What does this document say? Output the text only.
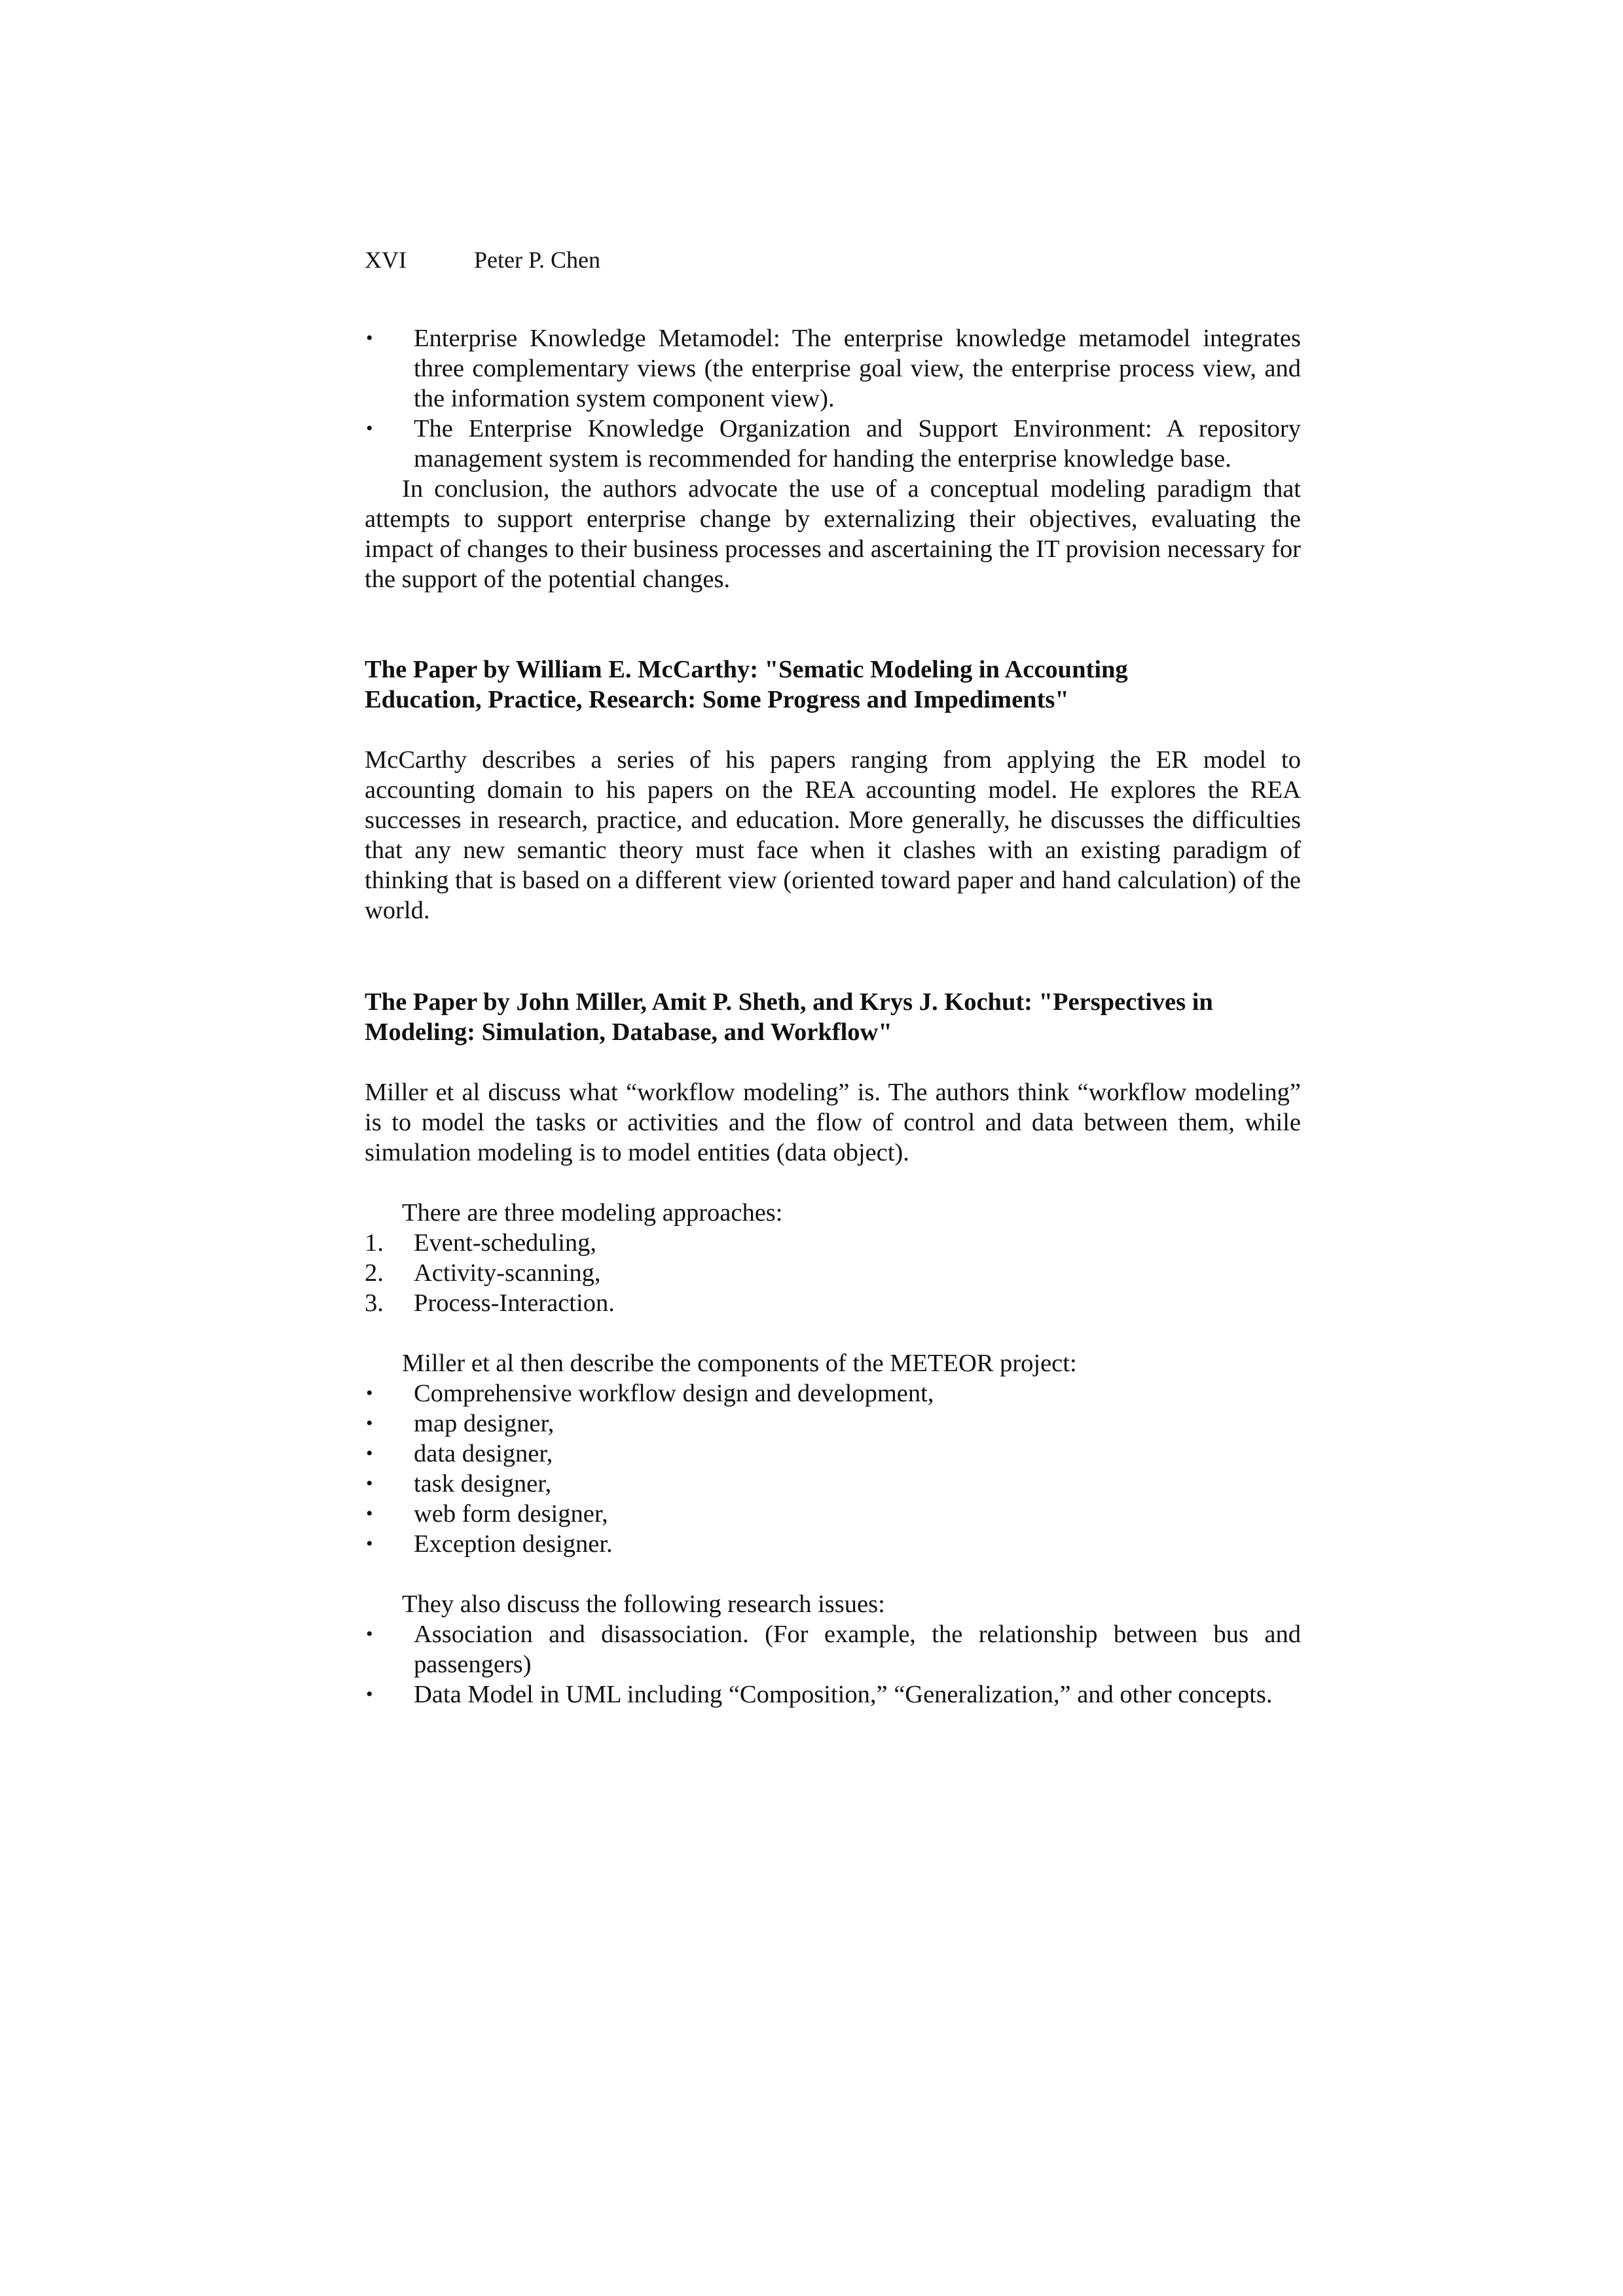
XVI	Peter P. Chen
•	Enterprise Knowledge Metamodel: The enterprise knowledge metamodel integrates three complementary views (the enterprise goal view, the enterprise process view, and the information system component view).
•	The Enterprise Knowledge Organization and Support Environment: A repository management system is recommended for handing the enterprise knowledge base.

In conclusion, the authors advocate the use of a conceptual modeling paradigm that attempts to support enterprise change by externalizing their objectives, evaluating the impact of changes to their business processes and ascertaining the IT provision necessary for the support of the potential changes.

The Paper by William E. McCarthy: "Sematic Modeling in Accounting
Education, Practice, Research: Some Progress and Impediments"

McCarthy describes a series of his papers ranging from applying the ER model to accounting domain to his papers on the REA accounting model. He explores the REA successes in research, practice, and education. More generally, he discusses the difficulties that any new semantic theory must face when it clashes with an existing paradigm of thinking that is based on a different view (oriented toward paper and hand calculation) of the world.

The Paper by John Miller, Amit P. Sheth, and Krys J. Kochut: "Perspectives in
Modeling: Simulation, Database, and Workflow"

Miller et al discuss what “workflow modeling” is. The authors think “workflow modeling” is to model the tasks or activities and the flow of control and data between them, while simulation modeling is to model entities (data object).

There are three modeling approaches:

1.	Event-scheduling,
2.	Activity-scanning,
3.	Process-Interaction.

Miller et al then describe the components of the METEOR project:

•	Comprehensive workflow design and development,
•	map designer,
•	data designer,
•	task designer,
•	web form designer,
•	Exception designer.

They also discuss the following research issues:

•	Association and disassociation. (For example, the relationship between bus and passengers)
•	Data Model in UML including “Composition,” “Generalization,” and other concepts.
